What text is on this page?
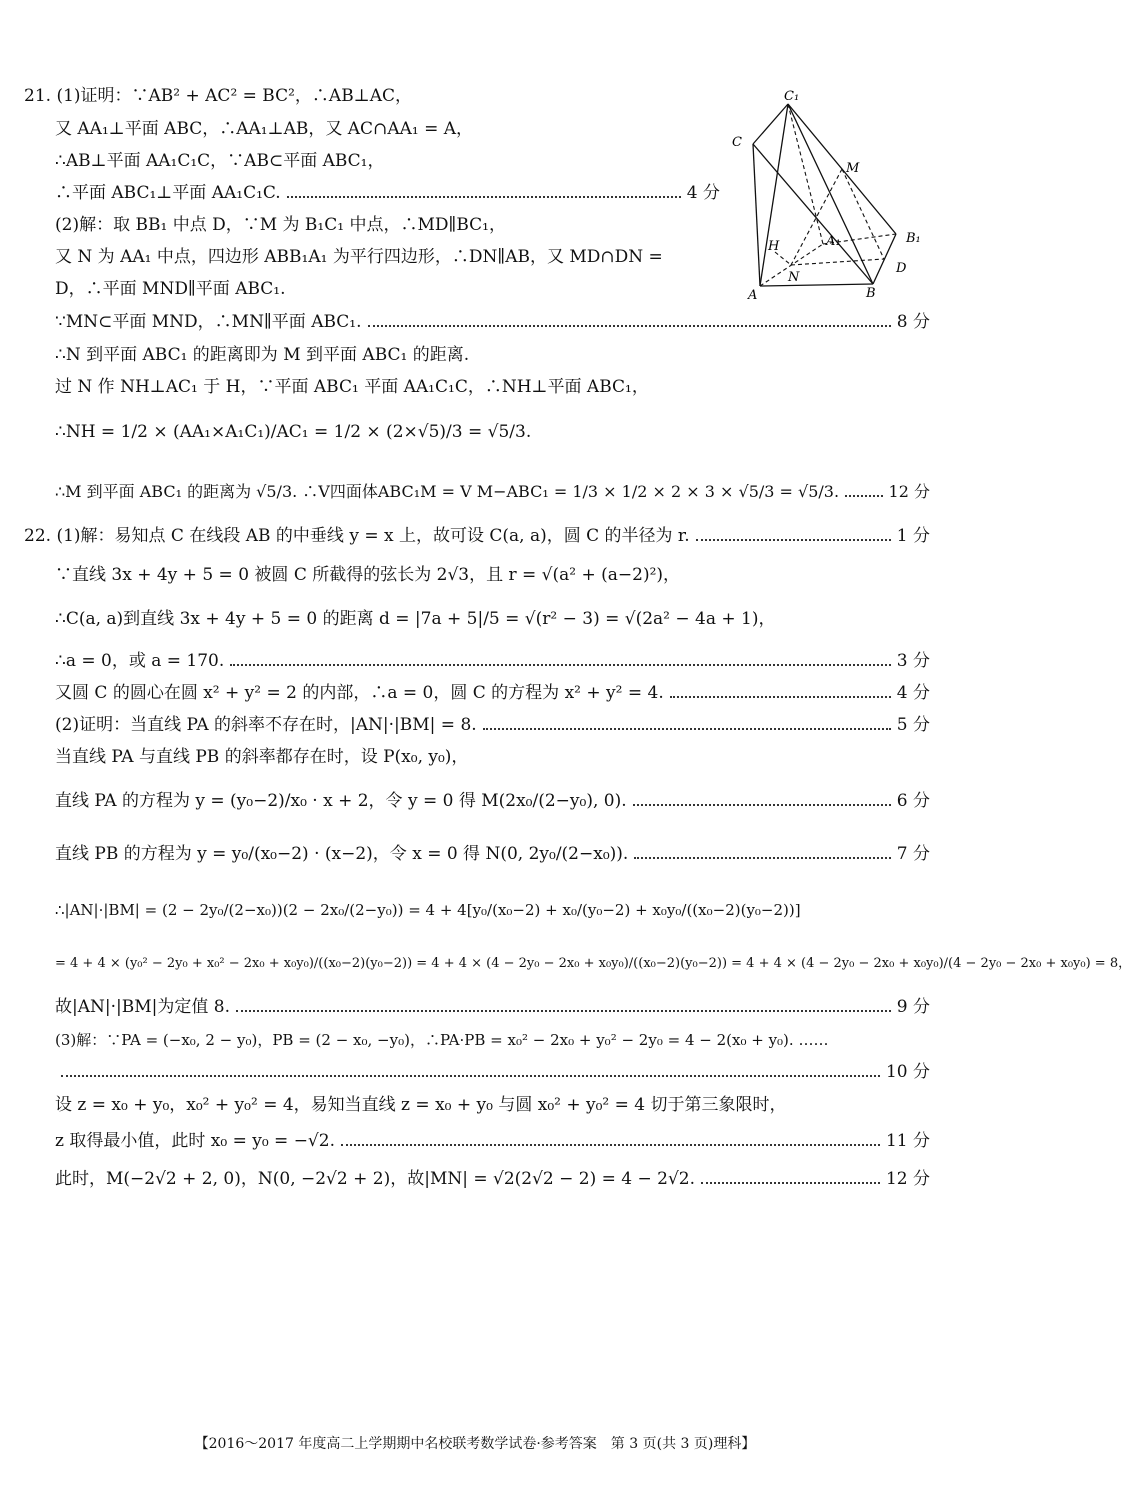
21. (1)证明：∵AB² + AC² = BC²，∴AB⊥AC，
又 AA₁⊥平面 ABC，∴AA₁⊥AB，又 AC∩AA₁ = A，
∴AB⊥平面 AA₁C₁C，∵AB⊂平面 ABC₁，
∴平面 ABC₁⊥平面 AA₁C₁C.	4 分
(2)解：取 BB₁ 中点 D，∵M 为 B₁C₁ 中点，∴MD∥BC₁，
又 N 为 AA₁ 中点，四边形 ABB₁A₁ 为平行四边形，∴DN∥AB，又 MD∩DN =
D，∴平面 MND∥平面 ABC₁.
∵MN⊂平面 MND，∴MN∥平面 ABC₁.	8 分
∴N 到平面 ABC₁ 的距离即为 M 到平面 ABC₁ 的距离.
过 N 作 NH⊥AC₁ 于 H，∵平面 ABC₁ 平面 AA₁C₁C，∴NH⊥平面 ABC₁，
∴NH = 1/2 × (AA₁×A₁C₁)/AC₁ = 1/2 × (2×√5)/3 = √5/3.
∴M 到平面 ABC₁ 的距离为 √5/3. ∴V四面体ABC₁M = V M−ABC₁ = 1/3 × 1/2 × 2 × 3 × √5/3 = √5/3.	12 分
22. (1)解：易知点 C 在线段 AB 的中垂线 y = x 上，故可设 C(a, a)，圆 C 的半径为 r.	1 分
∵直线 3x + 4y + 5 = 0 被圆 C 所截得的弦长为 2√3，且 r = √(a² + (a−2)²)，
∴C(a, a)到直线 3x + 4y + 5 = 0 的距离 d = |7a + 5|/5 = √(r² − 3) = √(2a² − 4a + 1)，
∴a = 0，或 a = 170.	3 分
又圆 C 的圆心在圆 x² + y² = 2 的内部，∴a = 0，圆 C 的方程为 x² + y² = 4.	4 分
(2)证明：当直线 PA 的斜率不存在时，|AN|·|BM| = 8.	5 分
当直线 PA 与直线 PB 的斜率都存在时，设 P(x₀, y₀)，
直线 PA 的方程为 y = (y₀−2)/x₀ · x + 2，令 y = 0 得 M(2x₀/(2−y₀), 0).	6 分
直线 PB 的方程为 y = y₀/(x₀−2) · (x−2)，令 x = 0 得 N(0, 2y₀/(2−x₀)).	7 分
∴|AN|·|BM| = (2 − 2y₀/(2−x₀))(2 − 2x₀/(2−y₀)) = 4 + 4[y₀/(x₀−2) + x₀/(y₀−2) + x₀y₀/((x₀−2)(y₀−2))]
= 4 + 4 × (y₀² − 2y₀ + x₀² − 2x₀ + x₀y₀)/((x₀−2)(y₀−2)) = 4 + 4 × (4 − 2y₀ − 2x₀ + x₀y₀)/((x₀−2)(y₀−2)) = 4 + 4 × (4 − 2y₀ − 2x₀ + x₀y₀)/(4 − 2y₀ − 2x₀ + x₀y₀) = 8，
故|AN|·|BM|为定值 8.	9 分
(3)解：∵PA = (−x₀, 2 − y₀)，PB = (2 − x₀, −y₀)，∴PA·PB = x₀² − 2x₀ + y₀² − 2y₀ = 4 − 2(x₀ + y₀). ……
10 分
设 z = x₀ + y₀，x₀² + y₀² = 4，易知当直线 z = x₀ + y₀ 与圆 x₀² + y₀² = 4 切于第三象限时，
z 取得最小值，此时 x₀ = y₀ = −√2.	11 分
此时，M(−2√2 + 2, 0)，N(0, −2√2 + 2)，故|MN| = √2(2√2 − 2) = 4 − 2√2.	12 分
C₁
C
M
B₁
H	A₁
D
N
A	B
【2016～2017 年度高二上学期期中名校联考数学试卷·参考答案　第 3 页(共 3 页)理科】
